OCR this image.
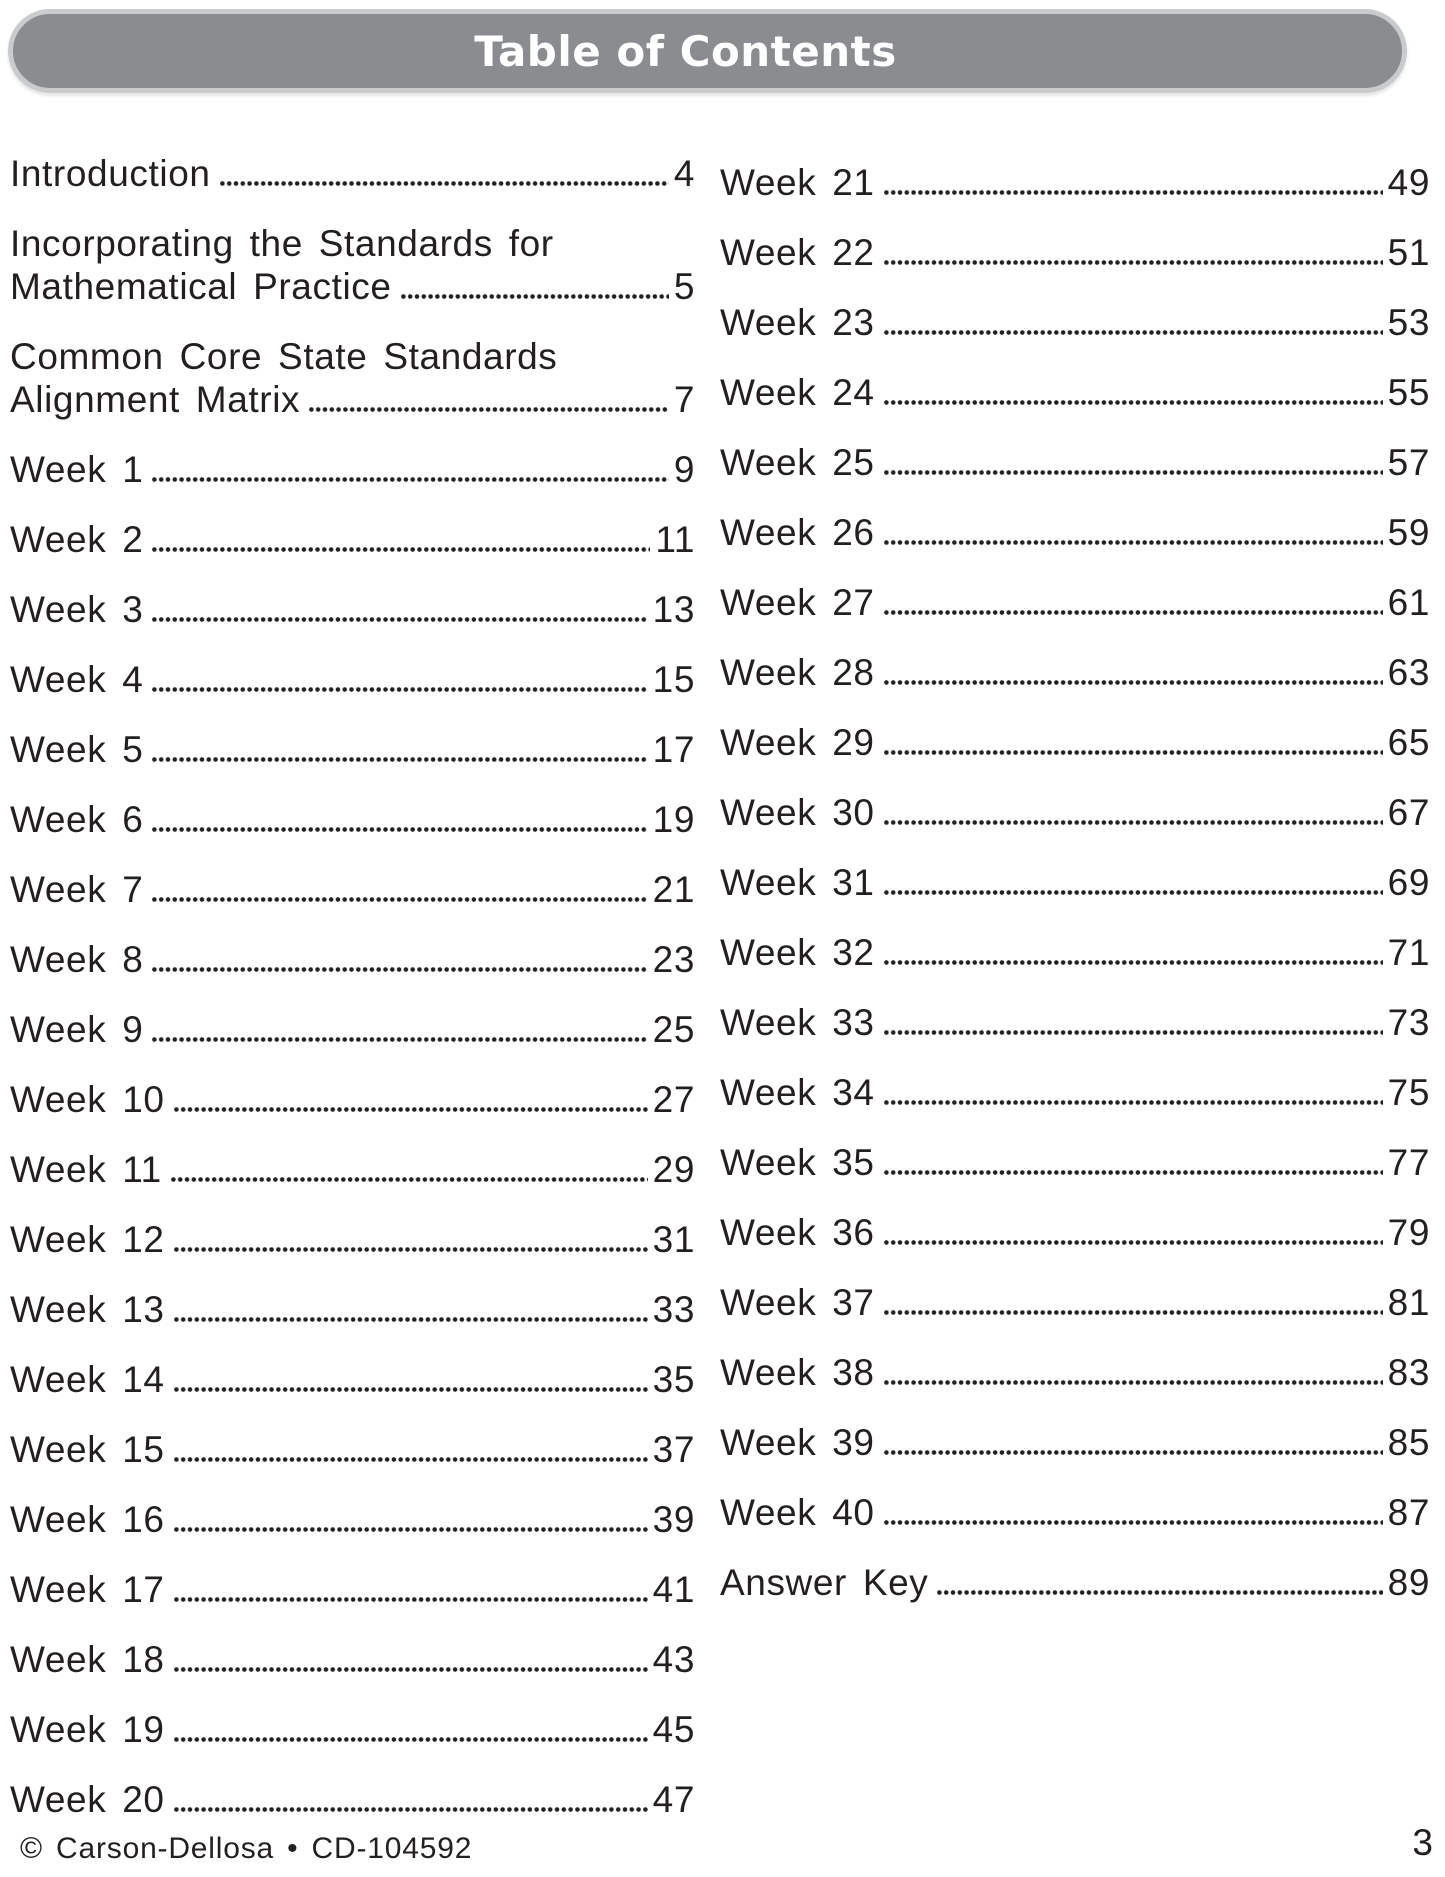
Table of Contents
Introduction	4
Incorporating the Standards for
Mathematical Practice	5
Common Core State Standards
Alignment Matrix	7
Week 1	9
Week 2	11
Week 3	13
Week 4	15
Week 5	17
Week 6	19
Week 7	21
Week 8	23
Week 9	25
Week 10	27
Week 11	29
Week 12	31
Week 13	33
Week 14	35
Week 15	37
Week 16	39
Week 17	41
Week 18	43
Week 19	45
Week 20	47
Week 21	49
Week 22	51
Week 23	53
Week 24	55
Week 25	57
Week 26	59
Week 27	61
Week 28	63
Week 29	65
Week 30	67
Week 31	69
Week 32	71
Week 33	73
Week 34	75
Week 35	77
Week 36	79
Week 37	81
Week 38	83
Week 39	85
Week 40	87
Answer Key	89
© Carson-Dellosa • CD-104592	3
